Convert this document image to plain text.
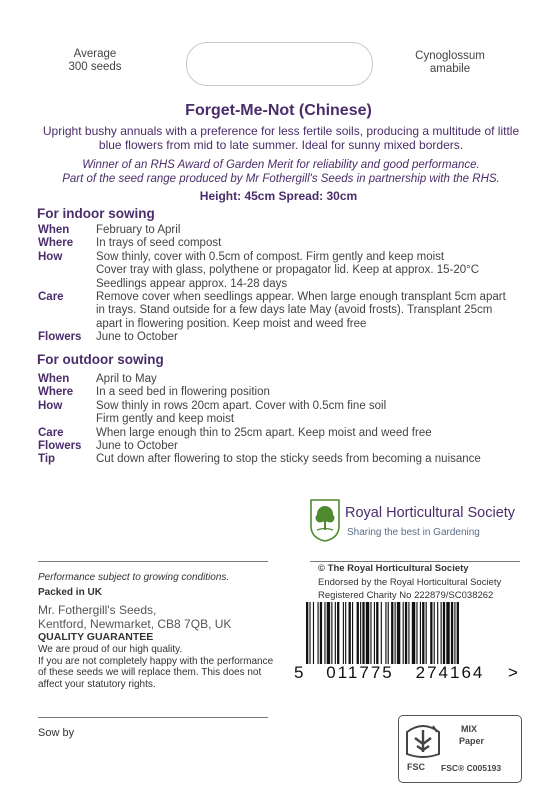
Average
300 seeds
Cynoglossum
amabile
Forget-Me-Not (Chinese)
Upright bushy annuals with a preference for less fertile soils, producing a multitude of little
blue flowers from mid to late summer. Ideal for sunny mixed borders.
Winner of an RHS Award of Garden Merit for reliability and good performance.
Part of the seed range produced by Mr Fothergill's Seeds in partnership with the RHS.
Height: 45cm Spread: 30cm
For indoor sowing
When	February to April
Where	In trays of seed compost
How	Sow thinly, cover with 0.5cm of compost. Firm gently and keep moist
Cover tray with glass, polythene or propagator lid. Keep at approx. 15-20°C
Seedlings appear approx. 14-28 days
Care	Remove cover when seedlings appear. When large enough transplant 5cm apart
in trays. Stand outside for a few days late May (avoid frosts). Transplant 25cm
apart in flowering position. Keep moist and weed free
Flowers	June to October
For outdoor sowing
When	April to May
Where	In a seed bed in flowering position
How	Sow thinly in rows 20cm apart. Cover with 0.5cm fine soil
Firm gently and keep moist
Care	When large enough thin to 25cm apart. Keep moist and weed free
Flowers	June to October
Tip	Cut down after flowering to stop the sticky seeds from becoming a nuisance
Royal Horticultural Society
Sharing the best in Gardening
© The Royal Horticultural Society
Endorsed by the Royal Horticultural Society
Registered Charity No 222879/SC038262
Performance subject to growing conditions.
Packed in UK
Mr. Fothergill's Seeds,
Kentford, Newmarket, CB8 7QB, UK
QUALITY GUARANTEE
We are proud of our high quality.
If you are not completely happy with the performance
of these seeds we will replace them. This does not
affect your statutory rights.
Sow by
5 011775 274164 >
FSC
MIX
Paper
FSC® C005193
